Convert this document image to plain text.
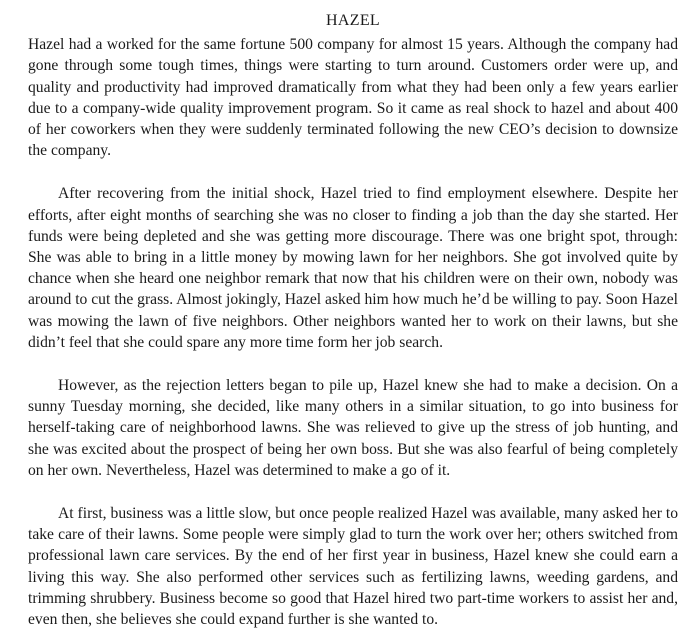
HAZEL

Hazel had a worked for the same fortune 500 company for almost 15 years. Although the company had gone through some tough times, things were starting to turn around. Customers order were up, and quality and productivity had improved dramatically from what they had been only a few years earlier due to a company-wide quality improvement program. So it came as real shock to hazel and about 400 of her coworkers when they were suddenly terminated following the new CEO’s decision to downsize the company.

After recovering from the initial shock, Hazel tried to find employment elsewhere. Despite her efforts, after eight months of searching she was no closer to finding a job than the day she started. Her funds were being depleted and she was getting more discourage. There was one bright spot, through: She was able to bring in a little money by mowing lawn for her neighbors. She got involved quite by chance when she heard one neighbor remark that now that his children were on their own, nobody was around to cut the grass. Almost jokingly, Hazel asked him how much he’d be willing to pay. Soon Hazel was mowing the lawn of five neighbors. Other neighbors wanted her to work on their lawns, but she didn’t feel that she could spare any more time form her job search.

However, as the rejection letters began to pile up, Hazel knew she had to make a decision. On a sunny Tuesday morning, she decided, like many others in a similar situation, to go into business for herself-taking care of neighborhood lawns. She was relieved to give up the stress of job hunting, and she was excited about the prospect of being her own boss. But she was also fearful of being completely on her own. Nevertheless, Hazel was determined to make a go of it.

At first, business was a little slow, but once people realized Hazel was available, many asked her to take care of their lawns. Some people were simply glad to turn the work over her; others switched from professional lawn care services. By the end of her first year in business, Hazel knew she could earn a living this way. She also performed other services such as fertilizing lawns, weeding gardens, and trimming shrubbery. Business become so good that Hazel hired two part-time workers to assist her and, even then, she believes she could expand further is she wanted to.
